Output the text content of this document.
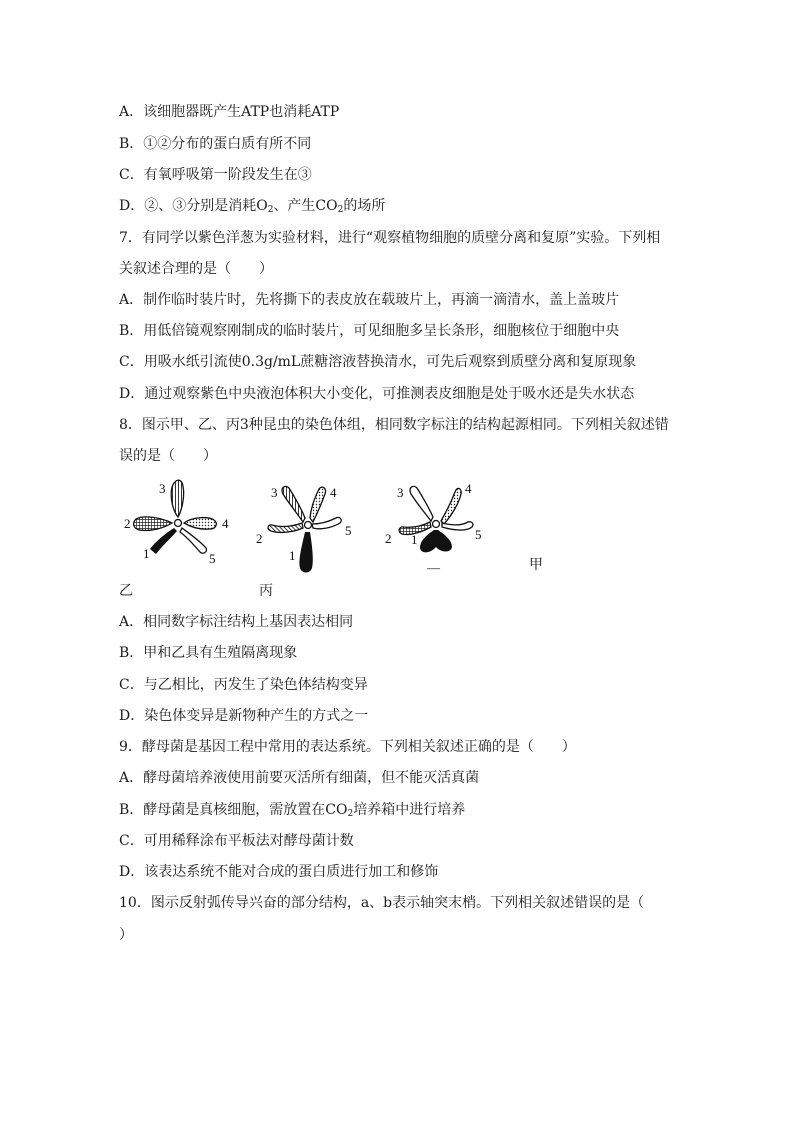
A．该细胞器既产生ATP也消耗ATP
B．①②分布的蛋白质有所不同
C．有氧呼吸第一阶段发生在③
D．②、③分别是消耗O2、产生CO2的场所
7．有同学以紫色洋葱为实验材料，进行“观察植物细胞的质壁分离和复原”实验。下列相
关叙述合理的是（　　）
A．制作临时装片时，先将撕下的表皮放在载玻片上，再滴一滴清水，盖上盖玻片
B．用低倍镜观察刚制成的临时装片，可见细胞多呈长条形，细胞核位于细胞中央
C．用吸水纸引流使0.3g/mL蔗糖溶液替换清水，可先后观察到质壁分离和复原现象
D．通过观察紫色中央液泡体积大小变化，可推测表皮细胞是处于吸水还是失水状态
8．图示甲、乙、丙3种昆虫的染色体组，相同数字标注的结构起源相同。下列相关叙述错
误的是（　　）
3
2	4
1	5
3
2
4
5
1
3
2
4
5
1
—	甲
乙	丙
A．相同数字标注结构上基因表达相同
B．甲和乙具有生殖隔离现象
C．与乙相比，丙发生了染色体结构变异
D．染色体变异是新物种产生的方式之一
9．酵母菌是基因工程中常用的表达系统。下列相关叙述正确的是（　　）
A．酵母菌培养液使用前要灭活所有细菌，但不能灭活真菌
B．酵母菌是真核细胞，需放置在CO2培养箱中进行培养
C．可用稀释涂布平板法对酵母菌计数
D．该表达系统不能对合成的蛋白质进行加工和修饰
10．图示反射弧传导兴奋的部分结构，a、b表示轴突末梢。下列相关叙述错误的是（
）
